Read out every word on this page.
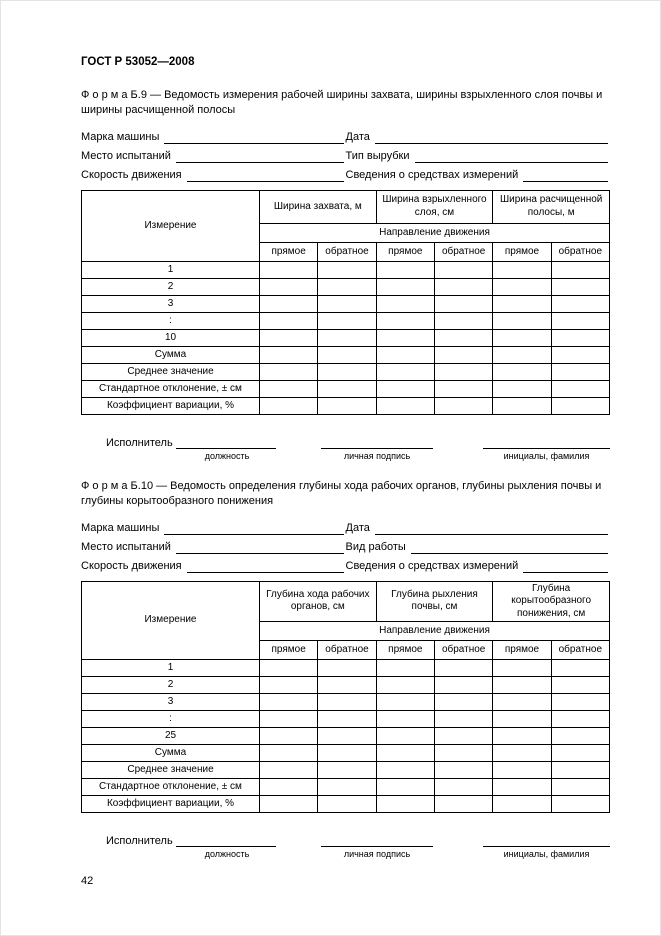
ГОСТ Р 53052—2008

Ф о р м а Б.9 — Ведомость измерения рабочей ширины захвата, ширины взрыхленного слоя почвы и ширины расчищенной полосы

Марка машины	Дата
Место испытаний	Тип вырубки
Скорость движения	Сведения о средствах измерений
Измерение	Ширина захвата, м		Ширина взрыхленного слоя, см		Ширина расчищенной полосы, м	
	Направление движения					
	прямое	обратное	прямое	обратное	прямое	обратное
1						
2						
3						
:						
10						
Сумма						
Среднее значение						
Стандартное отклонение, ± см						
Коэффициент вариации, %						
Исполнитель
должность	личная подпись	инициалы, фамилия

Ф о р м а Б.10 — Ведомость определения глубины хода рабочих органов, глубины рыхления почвы и глубины корытообразного понижения

Марка машины	Дата
Место испытаний	Вид работы
Скорость движения	Сведения о средствах измерений
Измерение	Глубина хода рабочих органов, см		Глубина рыхления почвы, см		Глубина корытообразного понижения, см	
	Направление движения					
	прямое	обратное	прямое	обратное	прямое	обратное
1						
2						
3						
:						
25						
Сумма						
Среднее значение						
Стандартное отклонение, ± см						
Коэффициент вариации, %						
Исполнитель
должность	личная подпись	инициалы, фамилия
42
